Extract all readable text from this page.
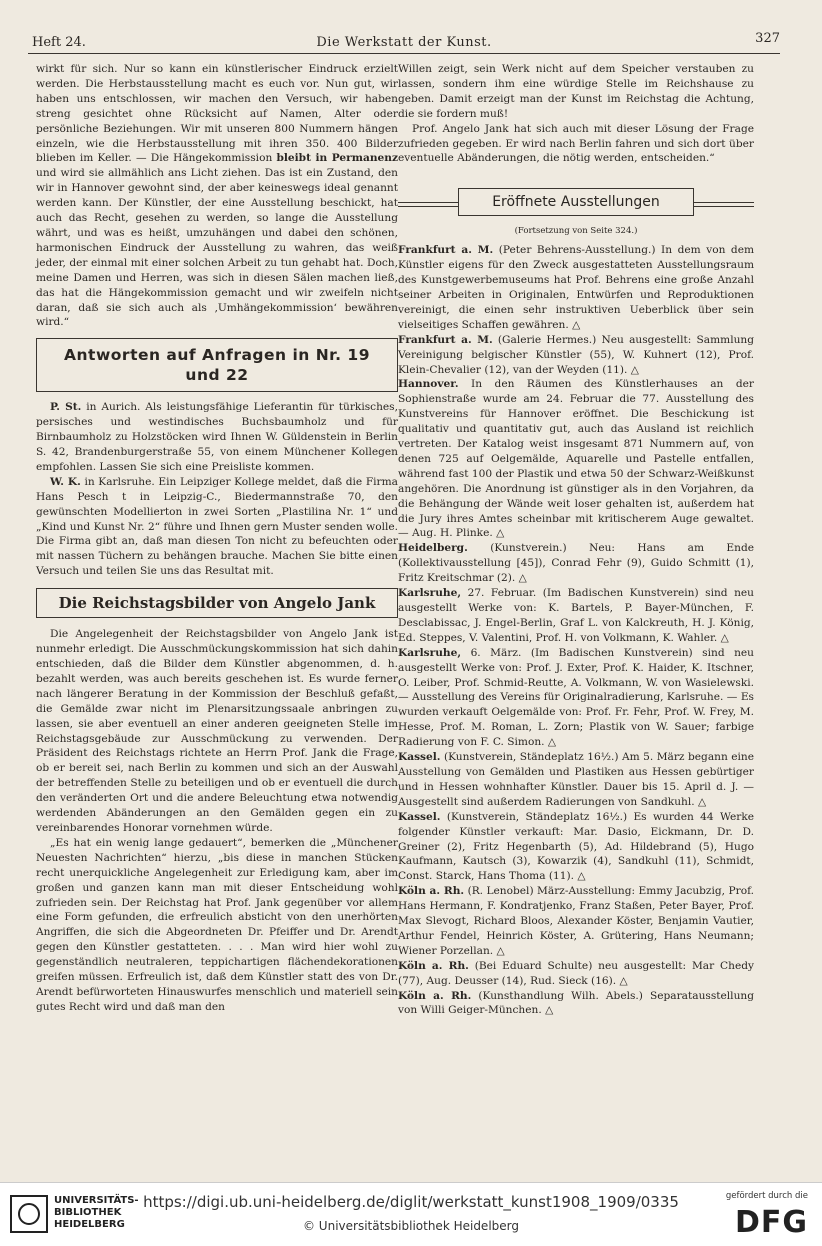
Heft 24.	Die Werkstatt der Kunst.	327

wirkt für sich. Nur so kann ein künstlerischer Eindruck erzielt werden. Die Herbstausstellung macht es euch vor. Nun gut, wir haben uns entschlossen, wir machen den Versuch, wir haben streng gesichtet ohne Rücksicht auf Namen, Alter oder persönliche Beziehungen. Wir mit unseren 800 Nummern hängen einzeln, wie die Herbstausstellung mit ihren 350. 400 Bilder blieben im Keller. — Die Hängekommission bleibt in Permanenz und wird sie allmählich ans Licht ziehen. Das ist ein Zustand, den wir in Hannover gewohnt sind, der aber keineswegs ideal genannt werden kann. Der Künstler, der eine Ausstellung beschickt, hat auch das Recht, gesehen zu werden, so lange die Ausstellung währt, und was es heißt, umzuhängen und dabei den schönen, harmonischen Eindruck der Ausstellung zu wahren, das weiß jeder, der einmal mit einer solchen Arbeit zu tun gehabt hat. Doch, meine Damen und Herren, was sich in diesen Sälen machen ließ, das hat die Hängekommission gemacht und wir zweifeln nicht daran, daß sie sich auch als ‚Umhängekommission‘ bewähren wird.“

Antworten auf Anfragen in Nr. 19
und 22

P. St. in Aurich. Als leistungsfähige Lieferantin für türkisches, persisches und westindisches Buchsbaumholz und für Birnbaumholz zu Holzstöcken wird Ihnen W. Güldenstein in Berlin S. 42, Brandenburgerstraße 55, von einem Münchener Kollegen empfohlen. Lassen Sie sich eine Preisliste kommen.

W. K. in Karlsruhe. Ein Leipziger Kollege meldet, daß die Firma Hans Pesch t in Leipzig-C., Biedermannstraße 70, den gewünschten Modellierton in zwei Sorten „Plastilina Nr. 1“ und „Kind und Kunst Nr. 2“ führe und Ihnen gern Muster senden wolle. Die Firma gibt an, daß man diesen Ton nicht zu befeuchten oder mit nassen Tüchern zu behängen brauche. Machen Sie bitte einen Versuch und teilen Sie uns das Resultat mit.

Die Reichstagsbilder von Angelo Jank

Die Angelegenheit der Reichstagsbilder von Angelo Jank ist nunmehr erledigt. Die Ausschmückungskommission hat sich dahin entschieden, daß die Bilder dem Künstler abgenommen, d. h. bezahlt werden, was auch bereits geschehen ist. Es wurde ferner nach längerer Beratung in der Kommission der Beschluß gefaßt, die Gemälde zwar nicht im Plenarsitzungssaale anbringen zu lassen, sie aber eventuell an einer anderen geeigneten Stelle im Reichstagsgebäude zur Ausschmückung zu verwenden. Der Präsident des Reichstags richtete an Herrn Prof. Jank die Frage, ob er bereit sei, nach Berlin zu kommen und sich an der Auswahl der betreffenden Stelle zu beteiligen und ob er eventuell die durch den veränderten Ort und die andere Beleuchtung etwa notwendig werdenden Abänderungen an den Gemälden gegen ein zu vereinbarendes Honorar vornehmen würde.

„Es hat ein wenig lange gedauert“, bemerken die „Münchener Neuesten Nachrichten“ hierzu, „bis diese in manchen Stücken recht unerquickliche Angelegenheit zur Erledigung kam, aber im großen und ganzen kann man mit dieser Entscheidung wohl zufrieden sein. Der Reichstag hat Prof. Jank gegenüber vor allem eine Form gefunden, die erfreulich absticht von den unerhörten Angriffen, die sich die Abgeordneten Dr. Pfeiffer und Dr. Arendt gegen den Künstler gestatteten. . . . Man wird hier wohl zu gegenständlich neutraleren, teppichartigen flächendekorationen greifen müssen. Erfreulich ist, daß dem Künstler statt des von Dr. Arendt befürworteten Hinauswurfes menschlich und materiell sein gutes Recht wird und daß man den

Willen zeigt, sein Werk nicht auf dem Speicher verstauben zu lassen, sondern ihm eine würdige Stelle im Reichshause zu geben. Damit erzeigt man der Kunst im Reichstag die Achtung, die sie fordern muß!

Prof. Angelo Jank hat sich auch mit dieser Lösung der Frage zufrieden gegeben. Er wird nach Berlin fahren und sich dort über eventuelle Abänderungen, die nötig werden, entscheiden.“

Eröffnete Ausstellungen
(Fortsetzung von Seite 324.)

Frankfurt a. M. (Peter Behrens-Ausstellung.) In dem von dem Künstler eigens für den Zweck ausgestatteten Ausstellungsraum des Kunstgewerbemuseums hat Prof. Behrens eine große Anzahl seiner Arbeiten in Originalen, Entwürfen und Reproduktionen vereinigt, die einen sehr instruktiven Ueberblick über sein vielseitiges Schaffen gewähren. △

Frankfurt a. M. (Galerie Hermes.) Neu ausgestellt: Sammlung Vereinigung belgischer Künstler (55), W. Kuhnert (12), Prof. Klein-Chevalier (12), van der Weyden (11). △

Hannover. In den Räumen des Künstlerhauses an der Sophienstraße wurde am 24. Februar die 77. Ausstellung des Kunstvereins für Hannover eröffnet. Die Beschickung ist qualitativ und quantitativ gut, auch das Ausland ist reichlich vertreten. Der Katalog weist insgesamt 871 Nummern auf, von denen 725 auf Oelgemälde, Aquarelle und Pastelle entfallen, während fast 100 der Plastik und etwa 50 der Schwarz-Weißkunst angehören. Die Anordnung ist günstiger als in den Vorjahren, da die Behängung der Wände weit loser gehalten ist, außerdem hat die Jury ihres Amtes scheinbar mit kritischerem Auge gewaltet. — Aug. H. Plinke. △

Heidelberg. (Kunstverein.) Neu: Hans am Ende (Kollektivausstellung [45]), Conrad Fehr (9), Guido Schmitt (1), Fritz Kreitschmar (2). △

Karlsruhe, 27. Februar. (Im Badischen Kunstverein) sind neu ausgestellt Werke von: K. Bartels, P. Bayer-München, F. Desclabissac, J. Engel-Berlin, Graf L. von Kalckreuth, H. J. König, Ed. Steppes, V. Valentini, Prof. H. von Volkmann, K. Wahler. △

Karlsruhe, 6. März. (Im Badischen Kunstverein) sind neu ausgestellt Werke von: Prof. J. Exter, Prof. K. Haider, K. Itschner, O. Leiber, Prof. Schmid-Reutte, A. Volkmann, W. von Wasielewski. — Ausstellung des Vereins für Originalradierung, Karlsruhe. — Es wurden verkauft Oelgemälde von: Prof. Fr. Fehr, Prof. W. Frey, M. Hesse, Prof. M. Roman, L. Zorn; Plastik von W. Sauer; farbige Radierung von F. C. Simon. △

Kassel. (Kunstverein, Ständeplatz 16½.) Am 5. März begann eine Ausstellung von Gemälden und Plastiken aus Hessen gebürtiger und in Hessen wohnhafter Künstler. Dauer bis 15. April d. J. — Ausgestellt sind außerdem Radierungen von Sandkuhl. △

Kassel. (Kunstverein, Ständeplatz 16½.) Es wurden 44 Werke folgender Künstler verkauft: Mar. Dasio, Eickmann, Dr. D. Greiner (2), Fritz Hegenbarth (5), Ad. Hildebrand (5), Hugo Kaufmann, Kautsch (3), Kowarzik (4), Sandkuhl (11), Schmidt, Const. Starck, Hans Thoma (11). △

Köln a. Rh. (R. Lenobel) März-Ausstellung: Emmy Jacubzig, Prof. Hans Hermann, F. Kondratjenko, Franz Staßen, Peter Bayer, Prof. Max Slevogt, Richard Bloos, Alexander Köster, Benjamin Vautier, Arthur Fendel, Heinrich Köster, A. Grütering, Hans Neumann; Wiener Porzellan. △

Köln a. Rh. (Bei Eduard Schulte) neu ausgestellt: Mar Chedy (77), Aug. Deusser (14), Rud. Sieck (16). △

Köln a. Rh. (Kunsthandlung Wilh. Abels.) Separatausstellung von Willi Geiger-München. △

UNIVERSITÄTS-
BIBLIOTHEK
HEIDELBERG
https://digi.ub.uni-heidelberg.de/diglit/werkstatt_kunst1908_1909/0335
© Universitätsbibliothek Heidelberg
gefördert durch die
DFG
